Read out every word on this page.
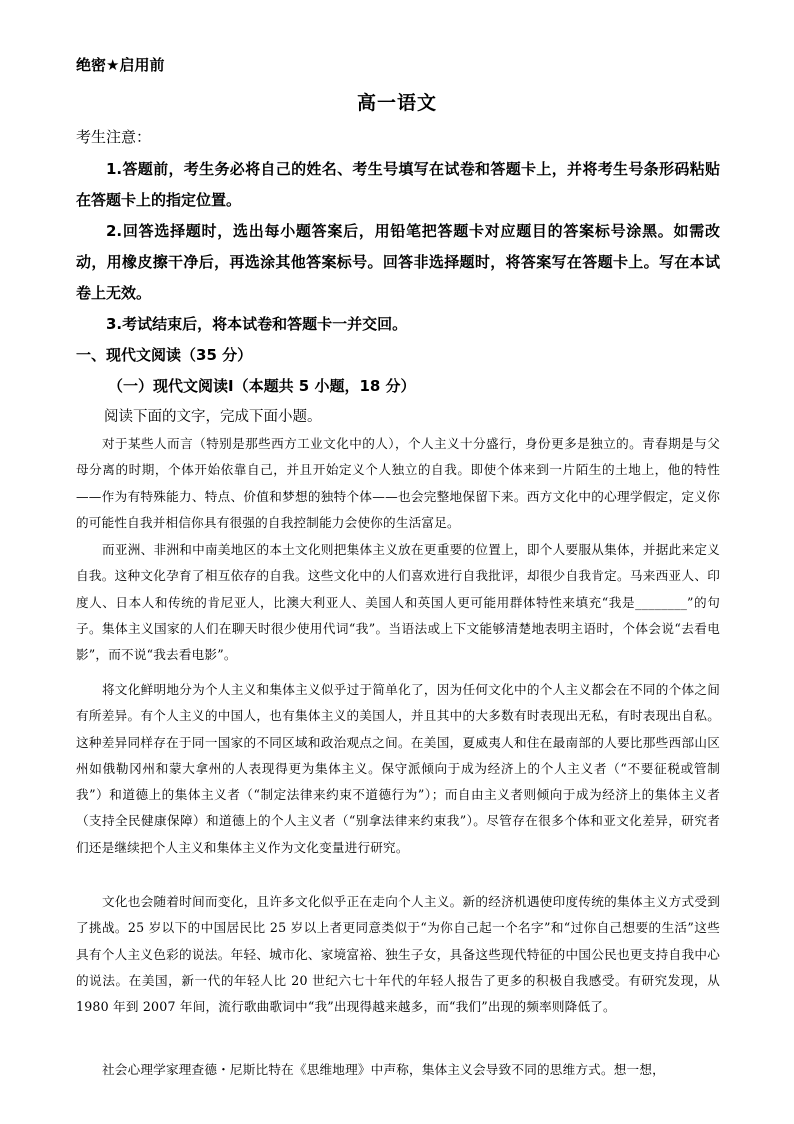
绝密★启用前
高一语文
考生注意：

1.答题前，考生务必将自己的姓名、考生号填写在试卷和答题卡上，并将考生号条形码粘贴在答题卡上的指定位置。

2.回答选择题时，选出每小题答案后，用铅笔把答题卡对应题目的答案标号涂黑。如需改动，用橡皮擦干净后，再选涂其他答案标号。回答非选择题时，将答案写在答题卡上。写在本试卷上无效。

3.考试结束后，将本试卷和答题卡一并交回。

一、现代文阅读（35 分）
（一）现代文阅读Ⅰ（本题共 5 小题，18 分）
阅读下面的文字，完成下面小题。

对于某些人而言（特别是那些西方工业文化中的人），个人主义十分盛行，身份更多是独立的。青春期是与父母分离的时期，个体开始依靠自己，并且开始定义个人独立的自我。即使个体来到一片陌生的土地上，他的特性——作为有特殊能力、特点、价值和梦想的独特个体——也会完整地保留下来。西方文化中的心理学假定，定义你的可能性自我并相信你具有很强的自我控制能力会使你的生活富足。

而亚洲、非洲和中南美地区的本土文化则把集体主义放在更重要的位置上，即个人要服从集体，并据此来定义自我。这种文化孕育了相互依存的自我。这些文化中的人们喜欢进行自我批评，却很少自我肯定。马来西亚人、印度人、日本人和传统的肯尼亚人，比澳大利亚人、美国人和英国人更可能用群体特性来填充“我是________”的句子。集体主义国家的人们在聊天时很少使用代词“我”。当语法或上下文能够清楚地表明主语时，个体会说“去看电影”，而不说“我去看电影”。

将文化鲜明地分为个人主义和集体主义似乎过于简单化了，因为任何文化中的个人主义都会在不同的个体之间有所差异。有个人主义的中国人，也有集体主义的美国人，并且其中的大多数有时表现出无私，有时表现出自私。这种差异同样存在于同一国家的不同区域和政治观点之间。在美国，夏威夷人和住在最南部的人要比那些西部山区州如俄勒冈州和蒙大拿州的人表现得更为集体主义。保守派倾向于成为经济上的个人主义者（“不要征税或管制我”）和道德上的集体主义者（“制定法律来约束不道德行为”）；而自由主义者则倾向于成为经济上的集体主义者（支持全民健康保障）和道德上的个人主义者（“别拿法律来约束我”）。尽管存在很多个体和亚文化差异，研究者们还是继续把个人主义和集体主义作为文化变量进行研究。

文化也会随着时间而变化，且许多文化似乎正在走向个人主义。新的经济机遇使印度传统的集体主义方式受到了挑战。25 岁以下的中国居民比 25 岁以上者更同意类似于“为你自己起一个名字”和“过你自己想要的生活”这些具有个人主义色彩的说法。年轻、城市化、家境富裕、独生子女，具备这些现代特征的中国公民也更支持自我中心的说法。在美国，新一代的年轻人比 20 世纪六七十年代的年轻人报告了更多的积极自我感受。有研究发现，从 1980 年到 2007 年间，流行歌曲歌词中“我”出现得越来越多，而“我们”出现的频率则降低了。

社会心理学家理查德・尼斯比特在《思维地理》中声称，集体主义会导致不同的思维方式。想一想，
